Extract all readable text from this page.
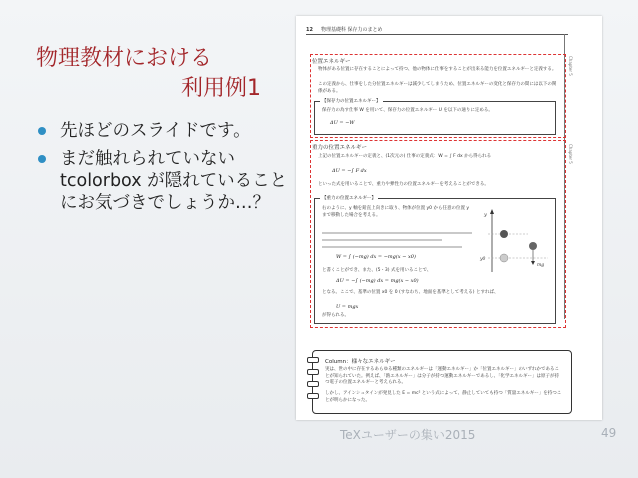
物理教材における
利用例1
先ほどのスライドです。
まだ触れられていないtcolorbox が隠れていることにお気づきでしょうか…？
12 物理基礎科 保存力のまとめ
Chapter 5
Chapter 5
位置エネルギー
物体がある位置に存在することによって持つ、他の物体に仕事をすることが出来る能力を位置エネルギーと定義する。
この定義から、仕事をした分位置エネルギーは減少してしまうため、位置エネルギーの変化と保存力の間には以下の関係がある。
【保存力の位置エネルギー】
保存力の為す仕事 W を用いて、保存力の位置エネルギー U を以下の通りに定める。
ΔU = −W
重力の位置エネルギー
上記の位置エネルギーの定義と、(1次元の) 仕事の定義式：W = ∫ F dx から得られる
ΔU = −∫ F dx
といった式を用いることで、重力や弾性力の位置エネルギーを考えることができる。
【重力の位置エネルギー】
右のように、y 軸を鉛直上向きに取り、物体が位置 y0 から任意の位置 y まで移動した場合を考える。
W = ∫ (−mg) dx = −mg(x − x0)
と書くことができ、また、(5・3) 式を用いることで、
ΔU = −∫ (−mg) dx = mg(x − x0)
となる。ここで、基準の位置 x0 を 0 (すなわち、地面を基準として考える) とすれば、
U = mgx
が得られる。
y
y0
mg
Column：様々なエネルギー
実は、世の中に存在するあらゆる種類のエネルギーは「運動エネルギー」か「位置エネルギー」のいずれかであることが知られていた。例えば、「熱エネルギー」は分子が持つ運動エネルギーであるし、「化学エネルギー」は原子が持つ電子の位置エネルギーと考えられる。
しかし、アインシュタインが発見した E = mc² という式によって、静止していても持つ「質量エネルギー」を持つことが明らかになった。
TeXユーザーの集い2015	49
